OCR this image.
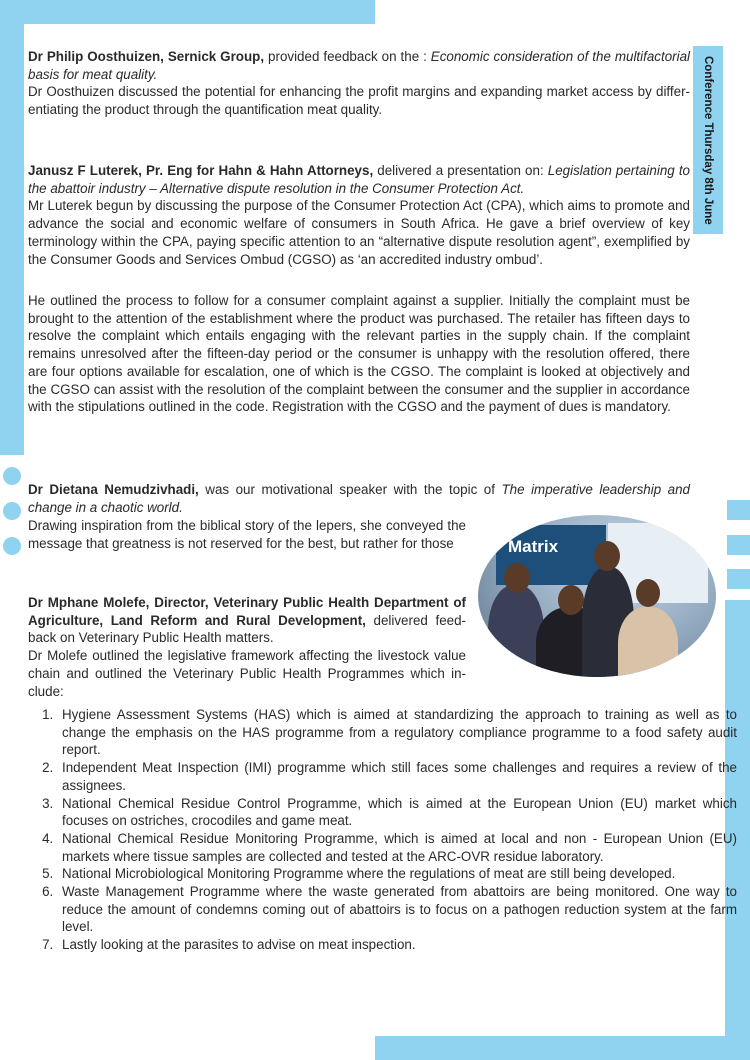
Conference Thursday 8th June

Dr Philip Oosthuizen, Sernick Group, provided feedback on the : Economic consideration of the multifactorial basis for meat quality.

Dr Oosthuizen discussed the potential for enhancing the profit margins and expanding market access by differ-entiating the product through the quantification meat quality.

Janusz F Luterek, Pr. Eng for Hahn & Hahn Attorneys, delivered a presentation on: Legislation pertaining to the abattoir industry – Alternative dispute resolution in the Consumer Protection Act.

Mr Luterek begun by discussing the purpose of the Consumer Protection Act (CPA), which aims to promote and advance the social and economic welfare of consumers in South Africa. He gave a brief overview of key terminology within the CPA, paying specific attention to an “alternative dispute resolution agent”, exemplified by the Consumer Goods and Services Ombud (CGSO) as ‘an accredited industry ombud’.

He outlined the process to follow for a consumer complaint against a supplier. Initially the complaint must be brought to the attention of the establishment where the product was purchased. The retailer has fifteen days to resolve the complaint which entails engaging with the relevant parties in the supply chain. If the complaint remains unresolved after the fifteen-day period or the consumer is unhappy with the resolution offered, there are four options available for escalation, one of which is the CGSO. The complaint is looked at objectively and the CGSO can assist with the resolution of the complaint between the consumer and the supplier in accordance with the stipulations outlined in the code. Registration with the CGSO and the payment of dues is mandatory.

Dr Dietana Nemudzivhadi, was our motivational speaker with the topic of The imperative leadership and change in a chaotic world.

Drawing inspiration from the biblical story of the lepers, she conveyed the message that greatness is not reserved for the best, but rather for those	Matrix

Dr Mphane Molefe, Director, Veterinary Public Health Department of Agriculture, Land Reform and Rural Development, delivered feed-back on Veterinary Public Health matters.

Dr Molefe outlined the legislative framework affecting the livestock value chain and outlined the Veterinary Public Health Programmes which in-clude:

1. Hygiene Assessment Systems (HAS) which is aimed at standardizing the approach to training as well as to change the emphasis on the HAS programme from a regulatory compliance programme to a food safety audit report.
2. Independent Meat Inspection (IMI) programme which still faces some challenges and requires a review of the assignees.
3. National Chemical Residue Control Programme, which is aimed at the European Union (EU) market which focuses on ostriches, crocodiles and game meat.
4. National Chemical Residue Monitoring Programme, which is aimed at local and non - European Union (EU) markets where tissue samples are collected and tested at the ARC-OVR residue laboratory.
5. National Microbiological Monitoring Programme where the regulations of meat are still being developed.
6. Waste Management Programme where the waste generated from abattoirs are being monitored. One way to reduce the amount of condemns coming out of abattoirs is to focus on a pathogen reduction system at the farm level.
7. Lastly looking at the parasites to advise on meat inspection.
